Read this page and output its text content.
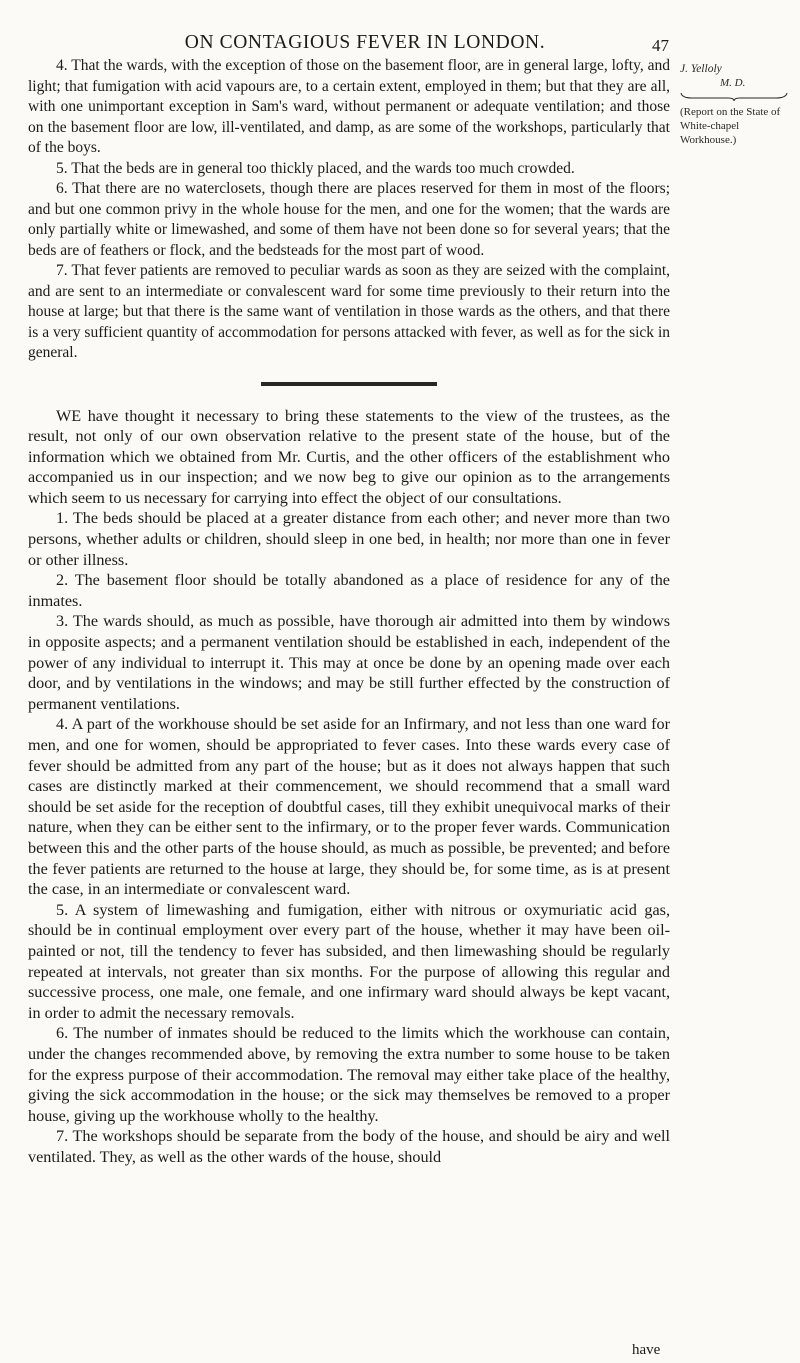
ON CONTAGIOUS FEVER IN LONDON.	47
J. Yelloly
M. D.
(Report on the State of White-chapel Workhouse.)

4. That the wards, with the exception of those on the basement floor, are in general large, lofty, and light; that fumigation with acid vapours are, to a certain extent, employed in them; but that they are all, with one unimportant exception in Sam's ward, without permanent or adequate ventilation; and those on the basement floor are low, ill-ventilated, and damp, as are some of the workshops, particularly that of the boys.

5. That the beds are in general too thickly placed, and the wards too much crowded.

6. That there are no waterclosets, though there are places reserved for them in most of the floors; and but one common privy in the whole house for the men, and one for the women; that the wards are only partially white or limewashed, and some of them have not been done so for several years; that the beds are of feathers or flock, and the bedsteads for the most part of wood.

7. That fever patients are removed to peculiar wards as soon as they are seized with the complaint, and are sent to an intermediate or convalescent ward for some time previously to their return into the house at large; but that there is the same want of ventilation in those wards as the others, and that there is a very sufficient quantity of accommodation for persons attacked with fever, as well as for the sick in general.

WE have thought it necessary to bring these statements to the view of the trustees, as the result, not only of our own observation relative to the present state of the house, but of the information which we obtained from Mr. Curtis, and the other officers of the establishment who accompanied us in our inspection; and we now beg to give our opinion as to the arrangements which seem to us necessary for carrying into effect the object of our consultations.

1. The beds should be placed at a greater distance from each other; and never more than two persons, whether adults or children, should sleep in one bed, in health; nor more than one in fever or other illness.

2. The basement floor should be totally abandoned as a place of residence for any of the inmates.

3. The wards should, as much as possible, have thorough air admitted into them by windows in opposite aspects; and a permanent ventilation should be established in each, independent of the power of any individual to interrupt it. This may at once be done by an opening made over each door, and by ventilations in the windows; and may be still further effected by the construction of permanent ventilations.

4. A part of the workhouse should be set aside for an Infirmary, and not less than one ward for men, and one for women, should be appropriated to fever cases. Into these wards every case of fever should be admitted from any part of the house; but as it does not always happen that such cases are distinctly marked at their commencement, we should recommend that a small ward should be set aside for the reception of doubtful cases, till they exhibit unequivocal marks of their nature, when they can be either sent to the infirmary, or to the proper fever wards. Communication between this and the other parts of the house should, as much as possible, be prevented; and before the fever patients are returned to the house at large, they should be, for some time, as is at present the case, in an intermediate or convalescent ward.

5. A system of limewashing and fumigation, either with nitrous or oxymuriatic acid gas, should be in continual employment over every part of the house, whether it may have been oil-painted or not, till the tendency to fever has subsided, and then limewashing should be regularly repeated at intervals, not greater than six months. For the purpose of allowing this regular and successive process, one male, one female, and one infirmary ward should always be kept vacant, in order to admit the necessary removals.

6. The number of inmates should be reduced to the limits which the workhouse can contain, under the changes recommended above, by removing the extra number to some house to be taken for the express purpose of their accommodation. The removal may either take place of the healthy, giving the sick accommodation in the house; or the sick may themselves be removed to a proper house, giving up the workhouse wholly to the healthy.

7. The workshops should be separate from the body of the house, and should be airy and well ventilated. They, as well as the other wards of the house, should

have
